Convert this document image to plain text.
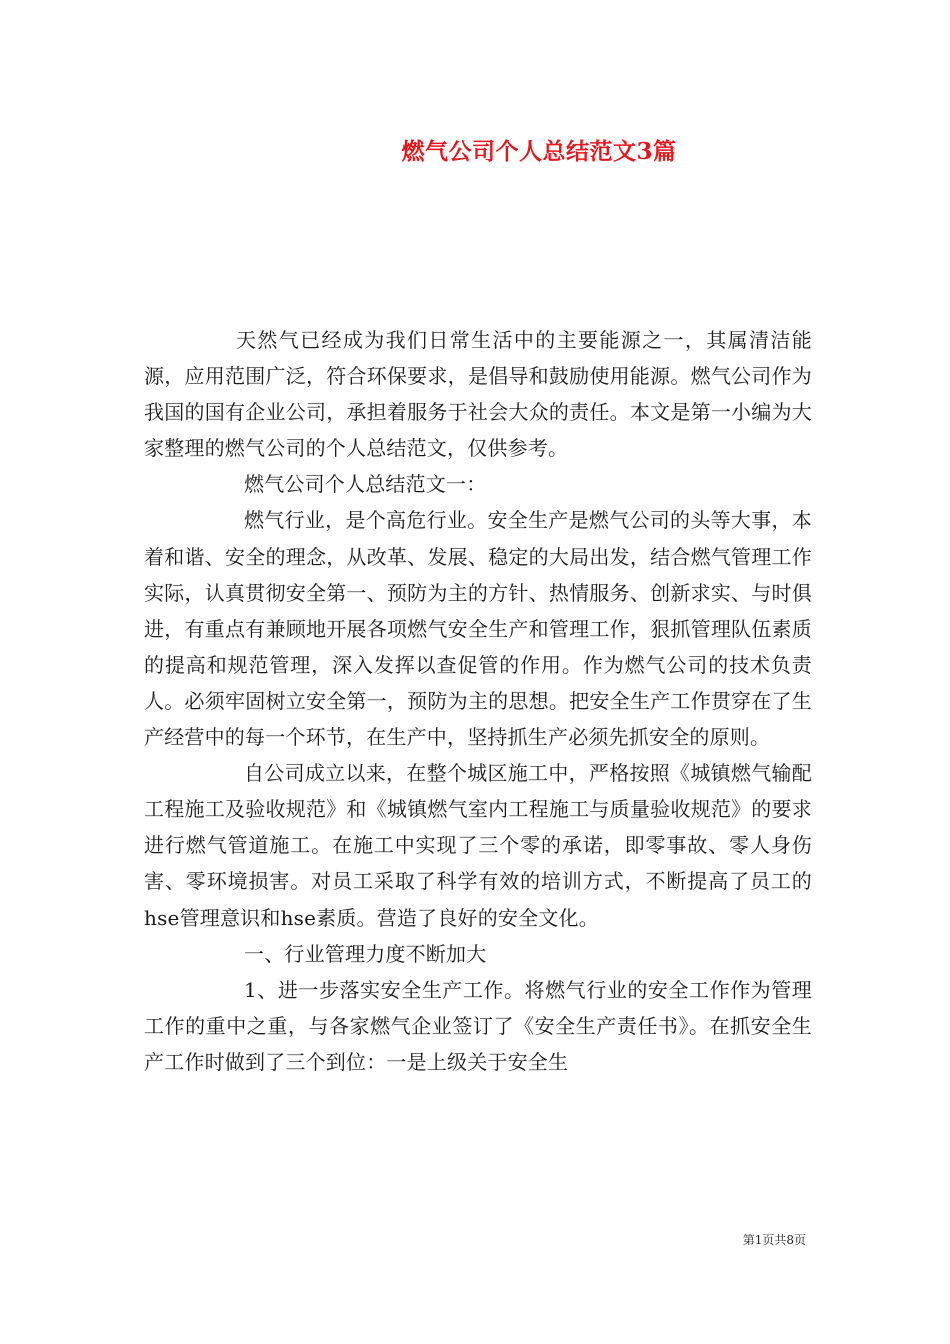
燃气公司个人总结范文3篇

天然气已经成为我们日常生活中的主要能源之一，其属清洁能源，应用范围广泛，符合环保要求，是倡导和鼓励使用能源。燃气公司作为我国的国有企业公司，承担着服务于社会大众的责任。本文是第一小编为大家整理的燃气公司的个人总结范文，仅供参考。

燃气公司个人总结范文一：

燃气行业，是个高危行业。安全生产是燃气公司的头等大事，本着和谐、安全的理念，从改革、发展、稳定的大局出发，结合燃气管理工作实际，认真贯彻安全第一、预防为主的方针、热情服务、创新求实、与时俱进，有重点有兼顾地开展各项燃气安全生产和管理工作，狠抓管理队伍素质的提高和规范管理，深入发挥以查促管的作用。作为燃气公司的技术负责人。必须牢固树立安全第一，预防为主的思想。把安全生产工作贯穿在了生产经营中的每一个环节，在生产中，坚持抓生产必须先抓安全的原则。

自公司成立以来，在整个城区施工中，严格按照《城镇燃气输配工程施工及验收规范》和《城镇燃气室内工程施工与质量验收规范》的要求进行燃气管道施工。在施工中实现了三个零的承诺，即零事故、零人身伤害、零环境损害。对员工采取了科学有效的培训方式，不断提高了员工的hse管理意识和hse素质。营造了良好的安全文化。

一、行业管理力度不断加大

1、进一步落实安全生产工作。将燃气行业的安全工作作为管理工作的重中之重，与各家燃气企业签订了《安全生产责任书》。在抓安全生产工作时做到了三个到位：一是上级关于安全生

第1页共8页
